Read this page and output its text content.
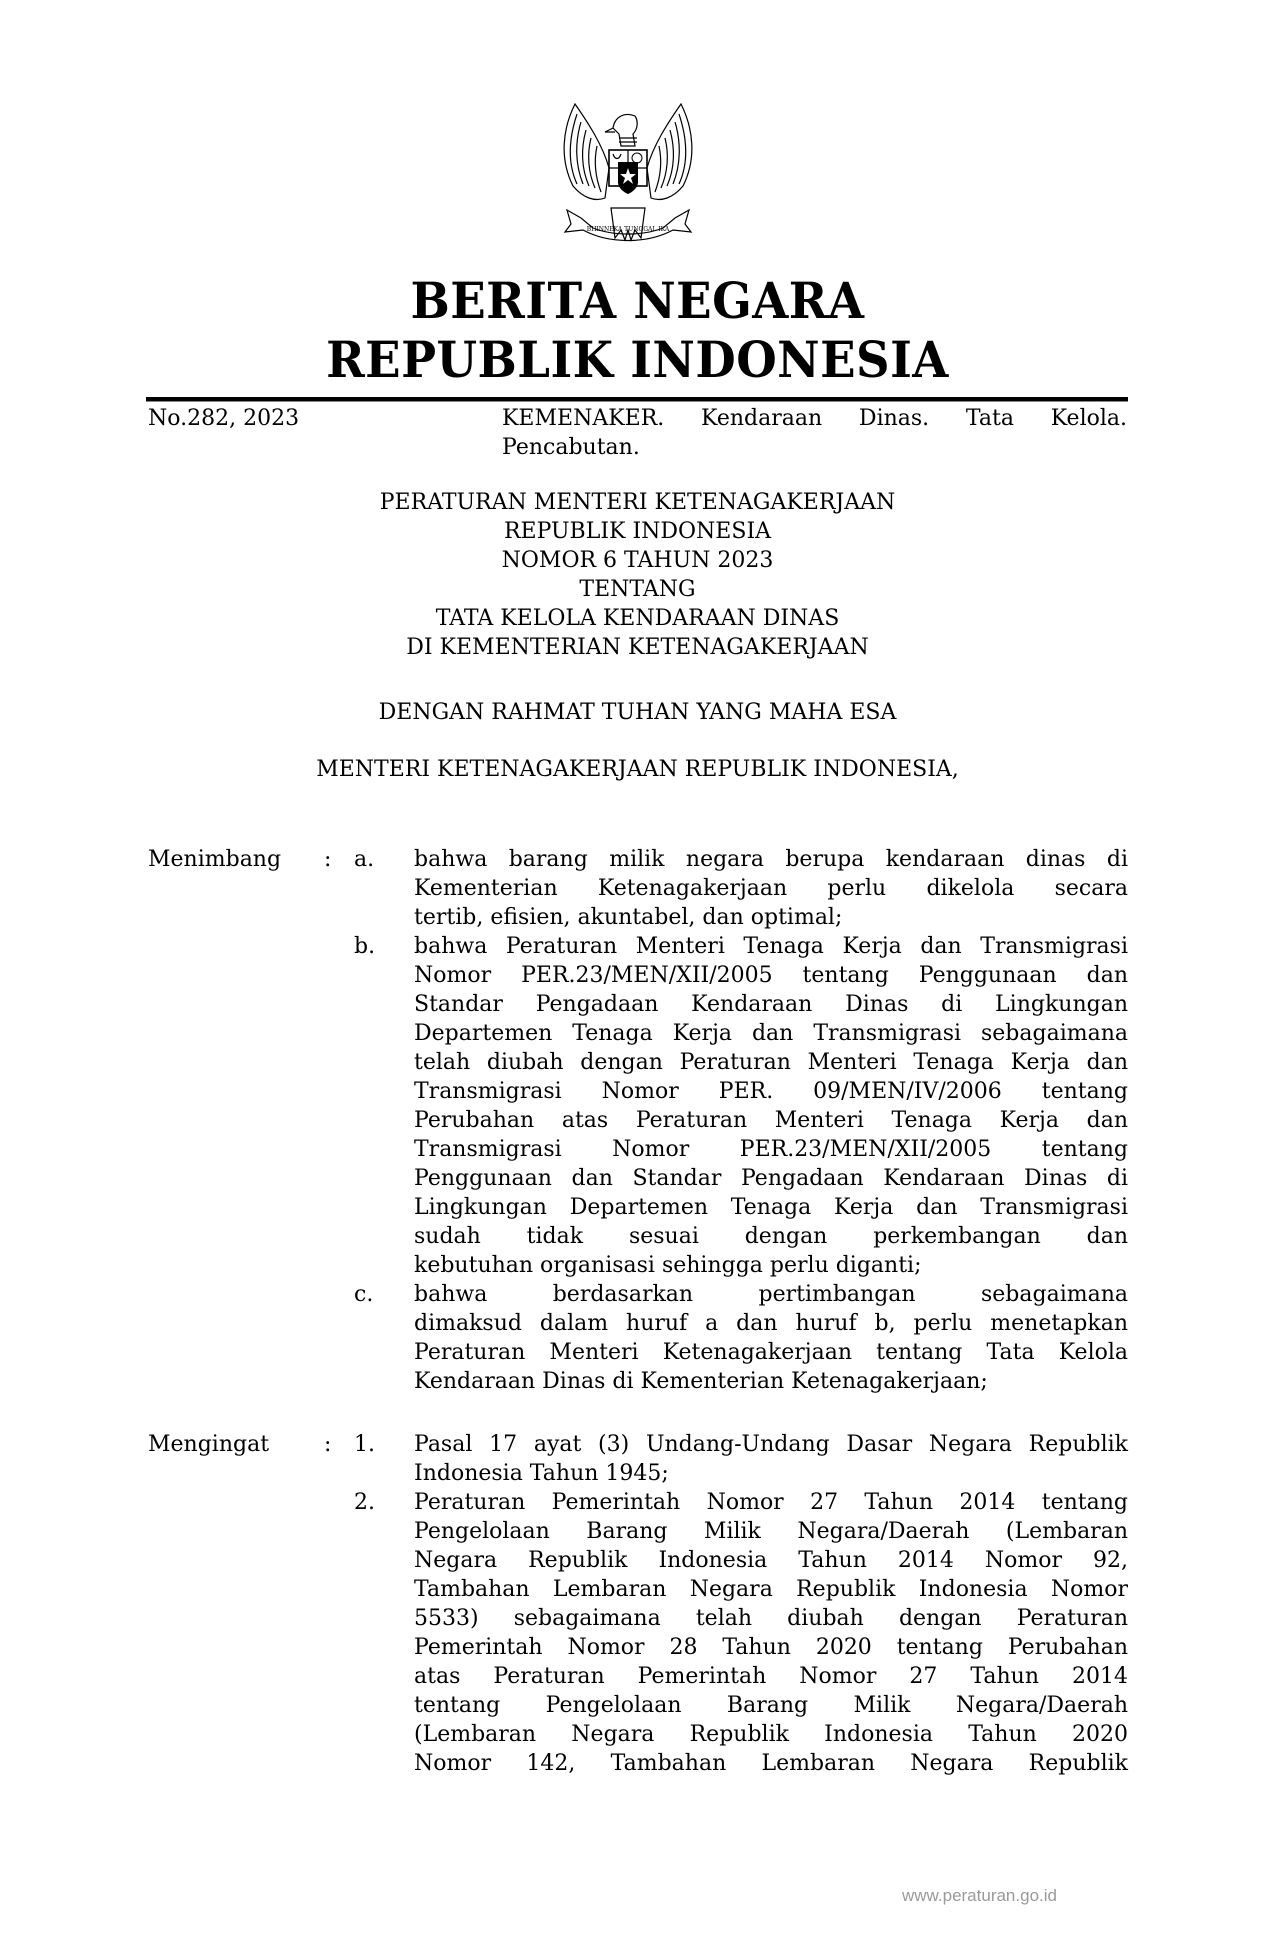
BHINNEKA TUNGGAL IKA
BERITA NEGARA
REPUBLIK INDONESIA
No.282, 2023	KEMENAKER. Kendaraan Dinas. Tata Kelola.
Pencabutan.
PERATURAN MENTERI KETENAGAKERJAAN
REPUBLIK INDONESIA
NOMOR 6 TAHUN 2023
TENTANG
TATA KELOLA KENDARAAN DINAS
DI KEMENTERIAN KETENAGAKERJAAN
DENGAN RAHMAT TUHAN YANG MAHA ESA
MENTERI KETENAGAKERJAAN REPUBLIK INDONESIA,
Menimbang : a. bahwa barang milik negara berupa kendaraan dinas di
Kementerian Ketenagakerjaan perlu dikelola secara
tertib, efisien, akuntabel, dan optimal;
b. bahwa Peraturan Menteri Tenaga Kerja dan Transmigrasi
Nomor PER.23/MEN/XII/2005 tentang Penggunaan dan
Standar Pengadaan Kendaraan Dinas di Lingkungan
Departemen Tenaga Kerja dan Transmigrasi sebagaimana
telah diubah dengan Peraturan Menteri Tenaga Kerja dan
Transmigrasi Nomor PER. 09/MEN/IV/2006 tentang
Perubahan atas Peraturan Menteri Tenaga Kerja dan
Transmigrasi Nomor PER.23/MEN/XII/2005 tentang
Penggunaan dan Standar Pengadaan Kendaraan Dinas di
Lingkungan Departemen Tenaga Kerja dan Transmigrasi
sudah tidak sesuai dengan perkembangan dan
kebutuhan organisasi sehingga perlu diganti;
c. bahwa berdasarkan pertimbangan sebagaimana
dimaksud dalam huruf a dan huruf b, perlu menetapkan
Peraturan Menteri Ketenagakerjaan tentang Tata Kelola
Kendaraan Dinas di Kementerian Ketenagakerjaan;
Mengingat : 1. Pasal 17 ayat (3) Undang-Undang Dasar Negara Republik
Indonesia Tahun 1945;
2. Peraturan Pemerintah Nomor 27 Tahun 2014 tentang
Pengelolaan Barang Milik Negara/Daerah (Lembaran
Negara Republik Indonesia Tahun 2014 Nomor 92,
Tambahan Lembaran Negara Republik Indonesia Nomor
5533) sebagaimana telah diubah dengan Peraturan
Pemerintah Nomor 28 Tahun 2020 tentang Perubahan
atas Peraturan Pemerintah Nomor 27 Tahun 2014
tentang Pengelolaan Barang Milik Negara/Daerah
(Lembaran Negara Republik Indonesia Tahun 2020
Nomor 142, Tambahan Lembaran Negara Republik
www.peraturan.go.id
